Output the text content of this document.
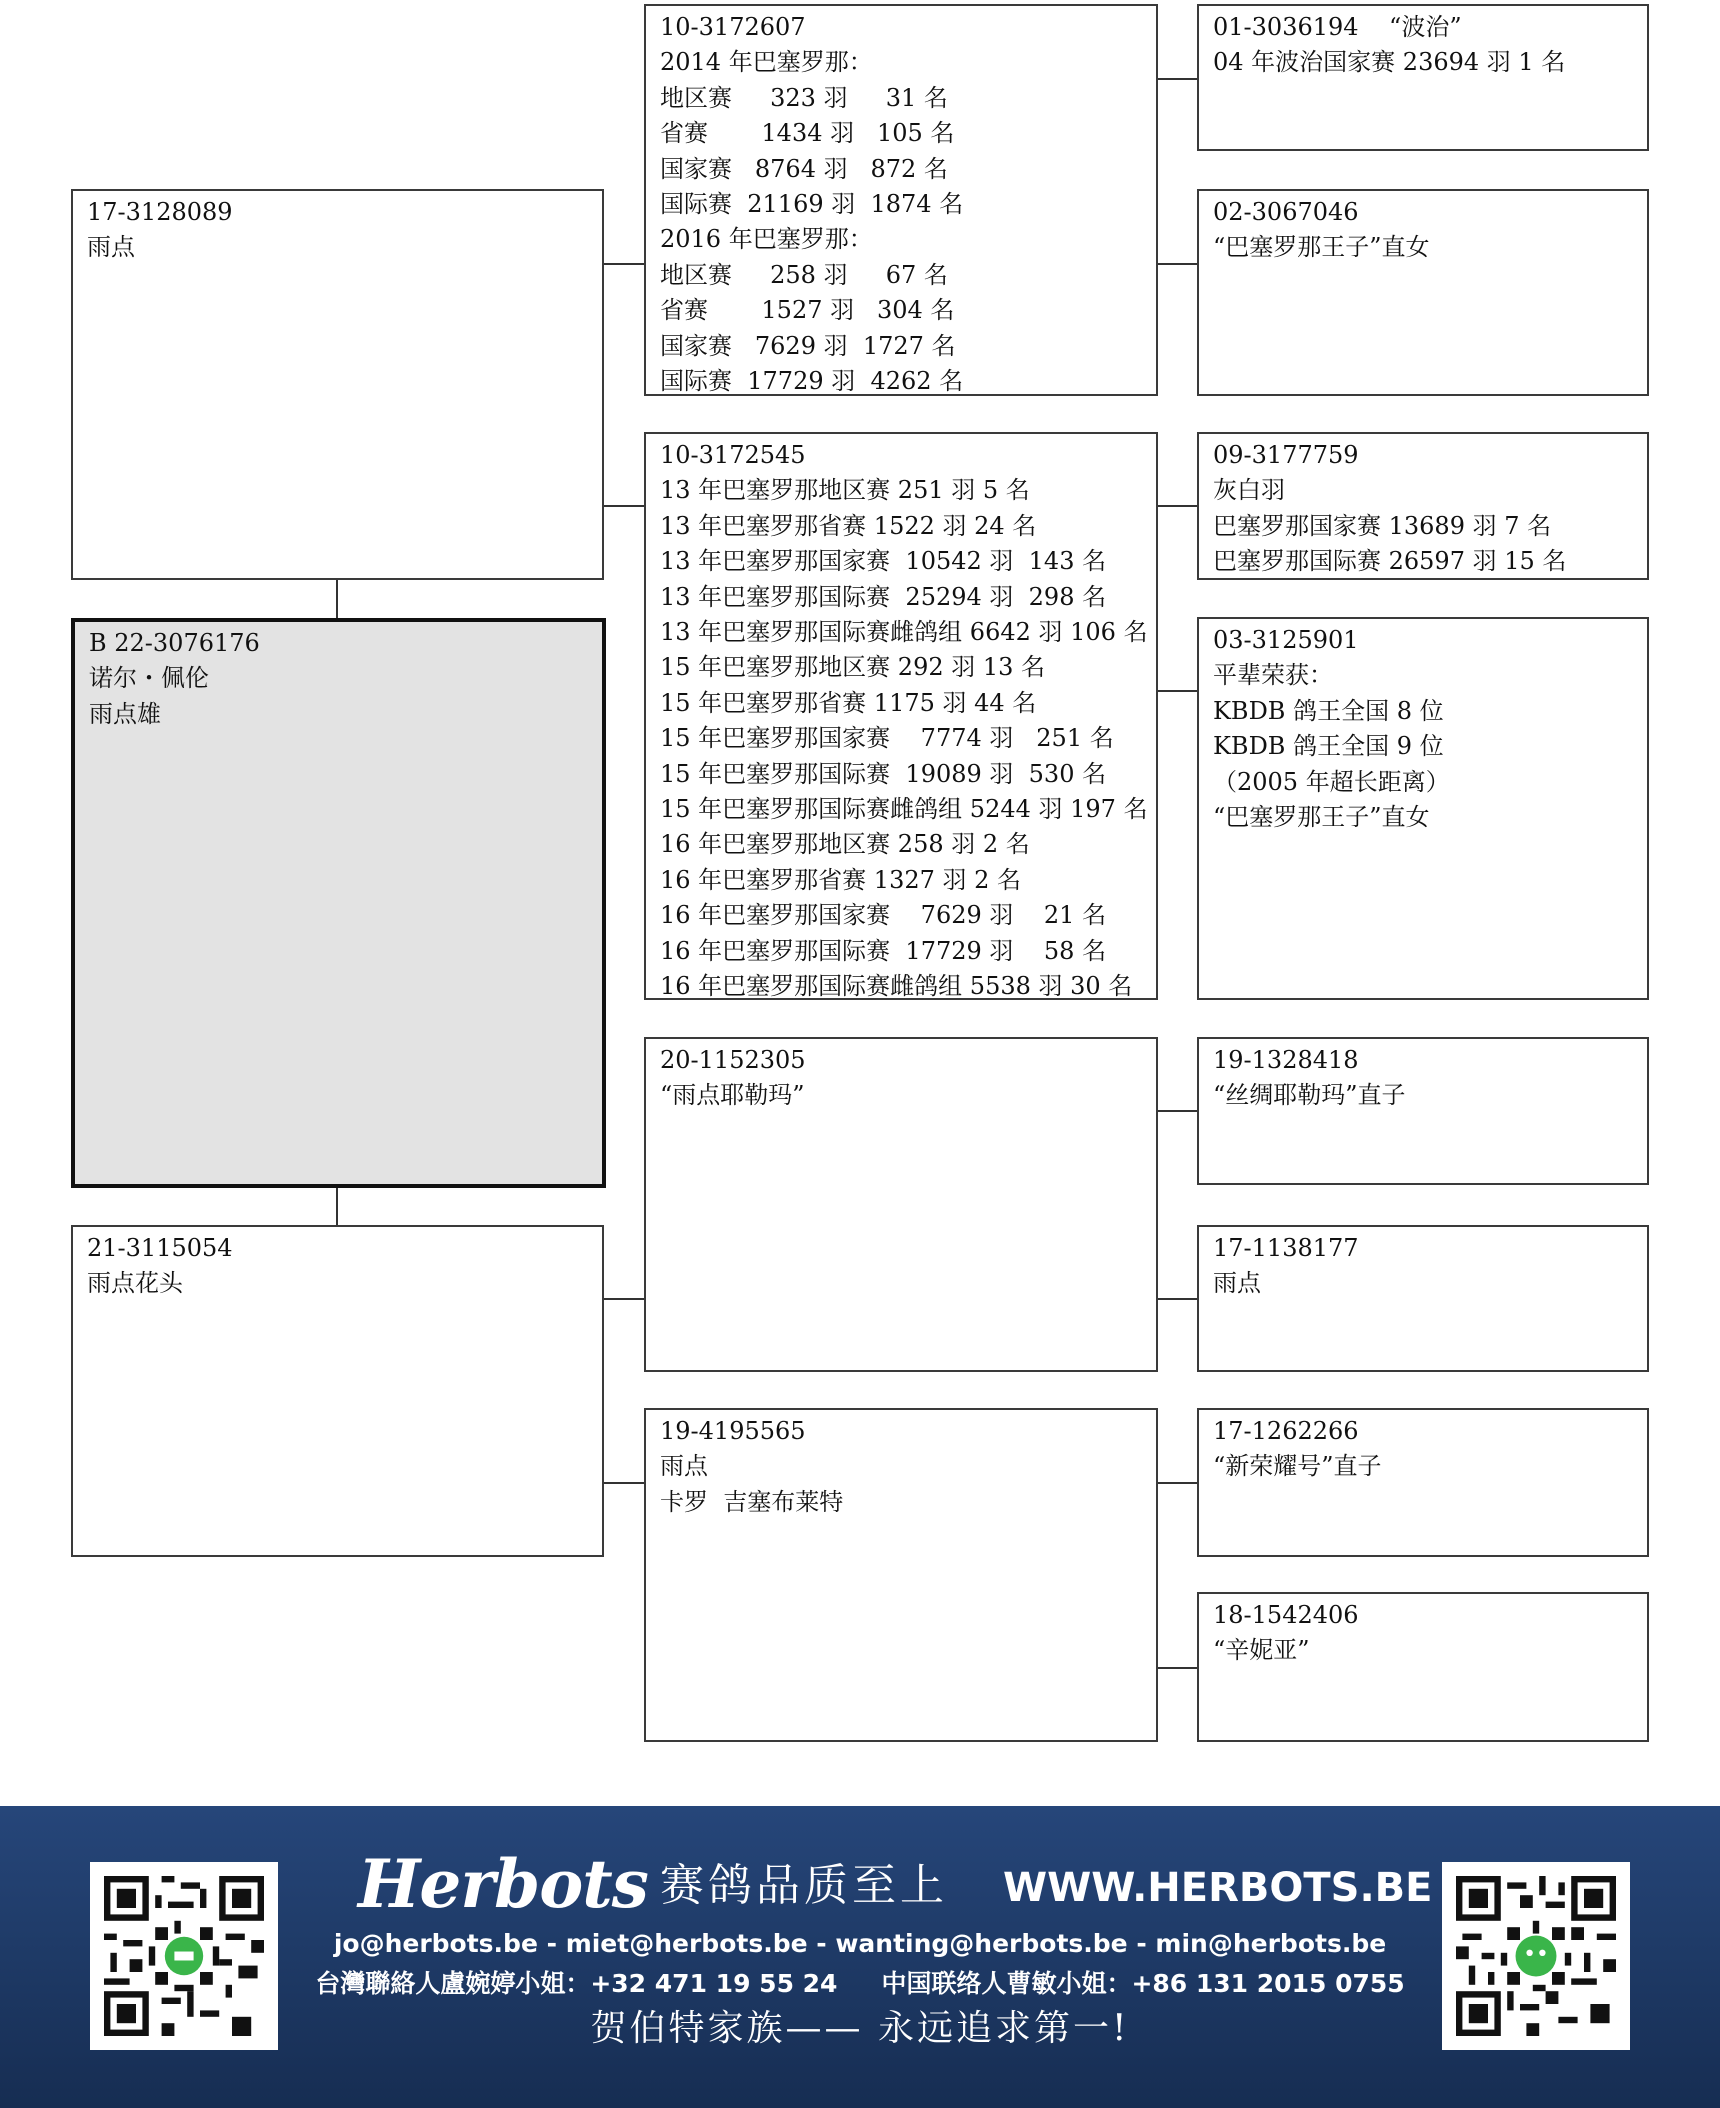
17-3128089
雨点
B 22-3076176
诺尔・佩伦
雨点雄
21-3115054
雨点花头
10-3172607
2014 年巴塞罗那：
地区赛     323 羽     31 名
省赛       1434 羽   105 名
国家赛   8764 羽   872 名
国际赛  21169 羽  1874 名
2016 年巴塞罗那：
地区赛     258 羽     67 名
省赛       1527 羽   304 名
国家赛   7629 羽  1727 名
国际赛  17729 羽  4262 名
10-3172545
13 年巴塞罗那地区赛 251 羽 5 名
13 年巴塞罗那省赛 1522 羽 24 名
13 年巴塞罗那国家赛  10542 羽  143 名
13 年巴塞罗那国际赛  25294 羽  298 名
13 年巴塞罗那国际赛雌鸽组 6642 羽 106 名
15 年巴塞罗那地区赛 292 羽 13 名
15 年巴塞罗那省赛 1175 羽 44 名
15 年巴塞罗那国家赛    7774 羽   251 名
15 年巴塞罗那国际赛  19089 羽  530 名
15 年巴塞罗那国际赛雌鸽组 5244 羽 197 名
16 年巴塞罗那地区赛 258 羽 2 名
16 年巴塞罗那省赛 1327 羽 2 名
16 年巴塞罗那国家赛    7629 羽    21 名
16 年巴塞罗那国际赛  17729 羽    58 名
16 年巴塞罗那国际赛雌鸽组 5538 羽 30 名
20-1152305
“雨点耶勒玛”
19-4195565
雨点
卡罗  吉塞布莱特
01-3036194    “波治”
04 年波治国家赛 23694 羽 1 名
02-3067046
“巴塞罗那王子”直女
09-3177759
灰白羽
巴塞罗那国家赛 13689 羽 7 名
巴塞罗那国际赛 26597 羽 15 名
03-3125901
平辈荣获：
KBDB 鸽王全国 8 位
KBDB 鸽王全国 9 位
（2005 年超长距离）
“巴塞罗那王子”直女
19-1328418
“丝绸耶勒玛”直子
17-1138177
雨点
17-1262266
“新荣耀号”直子
18-1542406
“辛妮亚”
Herbots 赛鸽品质至上 WWW.HERBOTS.BE
jo@herbots.be - miet@herbots.be - wanting@herbots.be - min@herbots.be
台灣聯絡人盧婉婷小姐：+32 471 19 55 24 中国联络人曹敏小姐：+86 131 2015 0755
贺伯特家族—— 永远追求第一!
